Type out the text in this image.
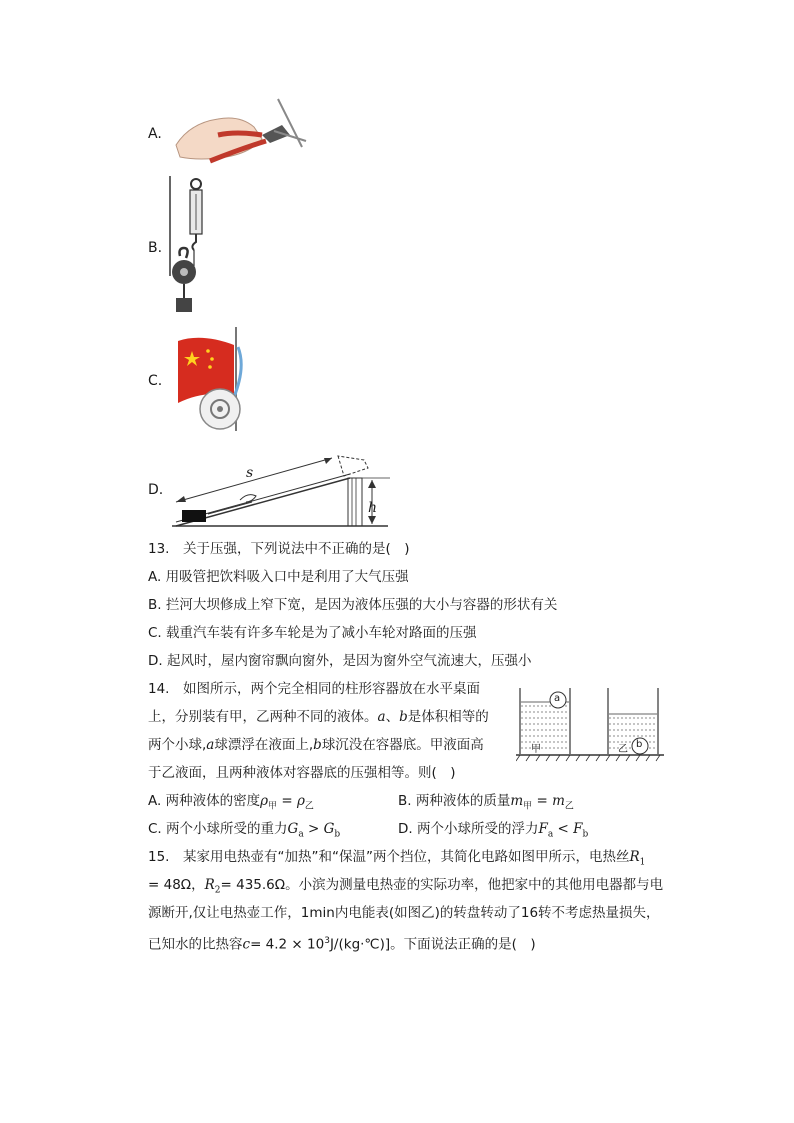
A.
B.
C.
D.
s
h
13.　关于压强，下列说法中不正确的是(　)
A. 用吸管把饮料吸入口中是利用了大气压强
B. 拦河大坝修成上窄下宽，是因为液体压强的大小与容器的形状有关
C. 载重汽车装有许多车轮是为了减小车轮对路面的压强
D. 起风时，屋内窗帘飘向窗外，是因为窗外空气流速大，压强小
14.　如图所示，两个完全相同的柱形容器放在水平桌面
上，分别装有甲，乙两种不同的液体。a、b是体积相等的
两个小球,a球漂浮在液面上,b球沉没在容器底。甲液面高
于乙液面，且两种液体对容器底的压强相等。则(　)
a
b
甲	乙
A. 两种液体的密度$\rho_甲 = \rho_乙$	B. 两种液体的质量$m_甲 = m_乙$
C. 两个小球所受的重力$G_a > G_b$	D. 两个小球所受的浮力$F_a < F_b$
15.　某家用电热壶有“加热”和“保温”两个挡位，其简化电路如图甲所示，电热丝$R_1$
= 48Ω，$R_2= 435.6\Omega$。小滨为测量电热壶的实际功率，他把家中的其他用电器都与电
源断开,仅让电热壶工作，1min内电能表(如图乙)的转盘转动了16转不考虑热量损失，
已知水的比热容$c= 4.2 \times 10^3J/(kg\cdot℃)$]。下面说法正确的是(　)
